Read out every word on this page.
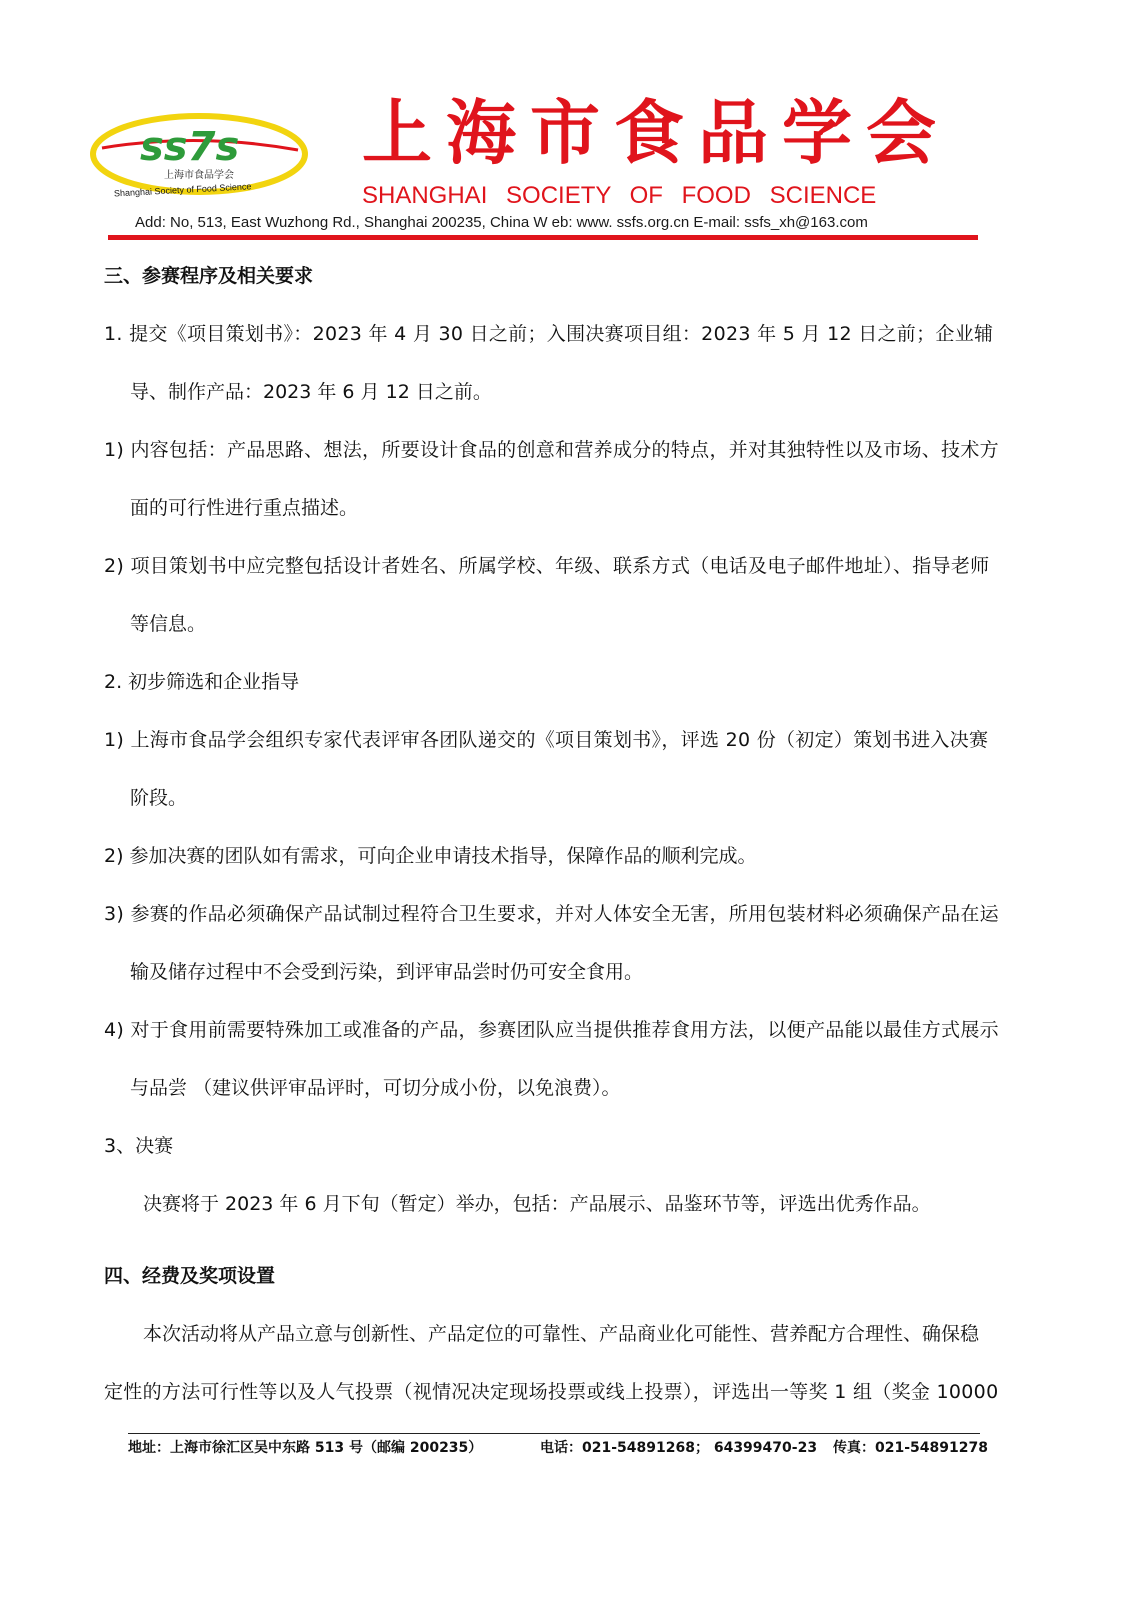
ss7s
上海市食品学会
Shanghai Society of Food Science
上海市食品学会
SHANGHAI SOCIETY OF FOOD SCIENCE
Add: No, 513, East Wuzhong Rd., Shanghai 200235, China W eb: www. ssfs.org.cn E-mail: ssfs_xh@163.com
三、参赛程序及相关要求
1. 提交《项目策划书》：2023 年 4 月 30 日之前；入围决赛项目组：2023 年 5 月 12 日之前；企业辅
导、制作产品：2023 年 6 月 12 日之前。
1) 内容包括：产品思路、想法，所要设计食品的创意和营养成分的特点，并对其独特性以及市场、技术方
面的可行性进行重点描述。
2) 项目策划书中应完整包括设计者姓名、所属学校、年级、联系方式（电话及电子邮件地址）、指导老师
等信息。
2. 初步筛选和企业指导
1) 上海市食品学会组织专家代表评审各团队递交的《项目策划书》，评选 20 份（初定）策划书进入决赛
阶段。
2) 参加决赛的团队如有需求，可向企业申请技术指导，保障作品的顺利完成。
3) 参赛的作品必须确保产品试制过程符合卫生要求，并对人体安全无害，所用包装材料必须确保产品在运
输及储存过程中不会受到污染，到评审品尝时仍可安全食用。
4) 对于食用前需要特殊加工或准备的产品，参赛团队应当提供推荐食用方法，以便产品能以最佳方式展示
与品尝 （建议供评审品评时，可切分成小份，以免浪费）。
3、决赛
决赛将于 2023 年 6 月下旬（暂定）举办，包括：产品展示、品鉴环节等，评选出优秀作品。
四、经费及奖项设置
本次活动将从产品立意与创新性、产品定位的可靠性、产品商业化可能性、营养配方合理性、确保稳
定性的方法可行性等以及人气投票（视情况决定现场投票或线上投票），评选出一等奖 1 组（奖金 10000
地址：上海市徐汇区吴中东路 513 号（邮编 200235）	电话：021-54891268； 64399470-23 传真：021-54891278
